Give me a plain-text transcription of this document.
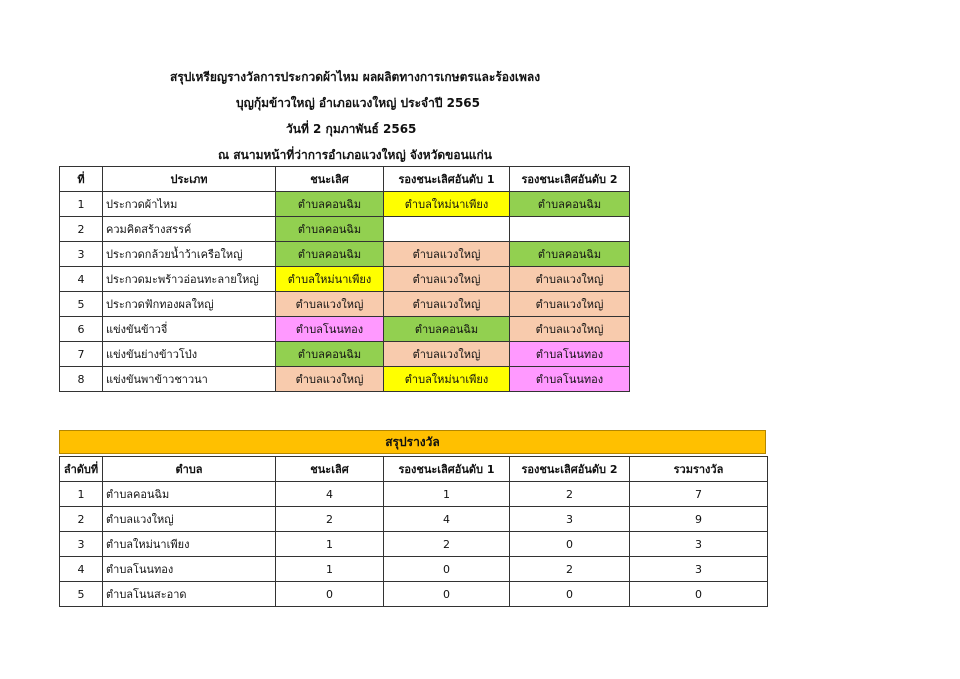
สรุปเหรียญรางวัลการประกวดผ้าไหม ผลผลิตทางการเกษตรและร้องเพลง
บุญกุ้มข้าวใหญ่ อำเภอแวงใหญ่ ประจำปี 2565
วันที่ 2 กุมภาพันธ์ 2565
ณ สนามหน้าที่ว่าการอำเภอแวงใหญ่ จังหวัดขอนแก่น
ที่	ประเภท	ชนะเลิศ	รองชนะเลิศอันดับ 1	รองชนะเลิศอันดับ 2
1	ประกวดผ้าไหม	ตำบลคอนฉิม	ตำบลใหม่นาเพียง	ตำบลคอนฉิม
2	ควมคิดสร้างสรรค์	ตำบลคอนฉิม		
3	ประกวดกล้วยน้ำว้าเครือใหญ่	ตำบลคอนฉิม	ตำบลแวงใหญ่	ตำบลคอนฉิม
4	ประกวดมะพร้าวอ่อนทะลายใหญ่	ตำบลใหม่นาเพียง	ตำบลแวงใหญ่	ตำบลแวงใหญ่
5	ประกวดฟักทองผลใหญ่	ตำบลแวงใหญ่	ตำบลแวงใหญ่	ตำบลแวงใหญ่
6	แข่งขันข้าวจี่	ตำบลโนนทอง	ตำบลคอนฉิม	ตำบลแวงใหญ่
7	แข่งขันย่างข้าวโป่ง	ตำบลคอนฉิม	ตำบลแวงใหญ่	ตำบลโนนทอง
8	แข่งขันพาข้าวชาวนา	ตำบลแวงใหญ่	ตำบลใหม่นาเพียง	ตำบลโนนทอง
สรุปรางวัล
ลำดับที่	ตำบล	ชนะเลิศ	รองชนะเลิศอันดับ 1	รองชนะเลิศอันดับ 2	รวมรางวัล
1	ตำบลคอนฉิม	4	1	2	7
2	ตำบลแวงใหญ่	2	4	3	9
3	ตำบลใหม่นาเพียง	1	2	0	3
4	ตำบลโนนทอง	1	0	2	3
5	ตำบลโนนสะอาด	0	0	0	0
